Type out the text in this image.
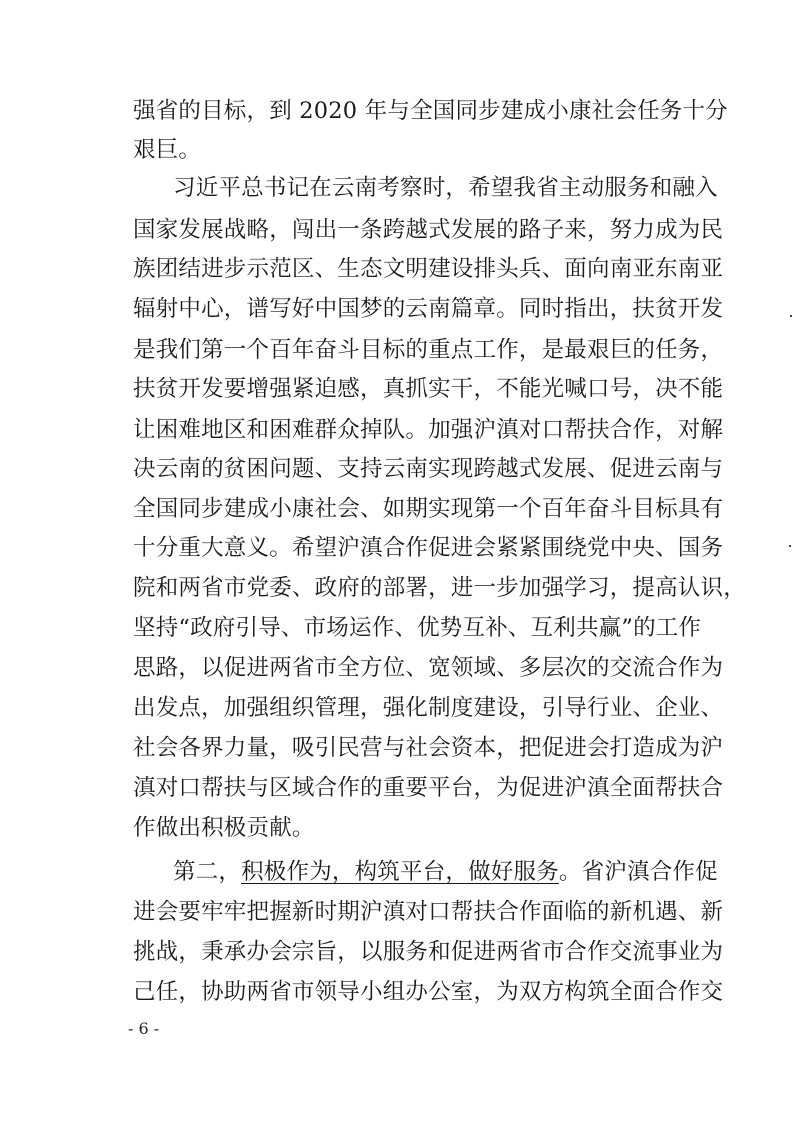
强省的目标，到 2020 年与全国同步建成小康社会任务十分
艰巨。
习近平总书记在云南考察时，希望我省主动服务和融入
国家发展战略，闯出一条跨越式发展的路子来，努力成为民
族团结进步示范区、生态文明建设排头兵、面向南亚东南亚
辐射中心，谱写好中国梦的云南篇章。同时指出，扶贫开发
是我们第一个百年奋斗目标的重点工作，是最艰巨的任务，
扶贫开发要增强紧迫感，真抓实干，不能光喊口号，决不能
让困难地区和困难群众掉队。加强沪滇对口帮扶合作，对解
决云南的贫困问题、支持云南实现跨越式发展、促进云南与
全国同步建成小康社会、如期实现第一个百年奋斗目标具有
十分重大意义。希望沪滇合作促进会紧紧围绕党中央、国务
院和两省市党委、政府的部署，进一步加强学习，提高认识，
坚持“政府引导、市场运作、优势互补、互利共赢”的工作
思路，以促进两省市全方位、宽领域、多层次的交流合作为
出发点，加强组织管理，强化制度建设，引导行业、企业、
社会各界力量，吸引民营与社会资本，把促进会打造成为沪
滇对口帮扶与区域合作的重要平台，为促进沪滇全面帮扶合
作做出积极贡献。
第二，积极作为，构筑平台，做好服务。省沪滇合作促
进会要牢牢把握新时期沪滇对口帮扶合作面临的新机遇、新
挑战，秉承办会宗旨，以服务和促进两省市合作交流事业为
己任，协助两省市领导小组办公室，为双方构筑全面合作交
- 6 -
